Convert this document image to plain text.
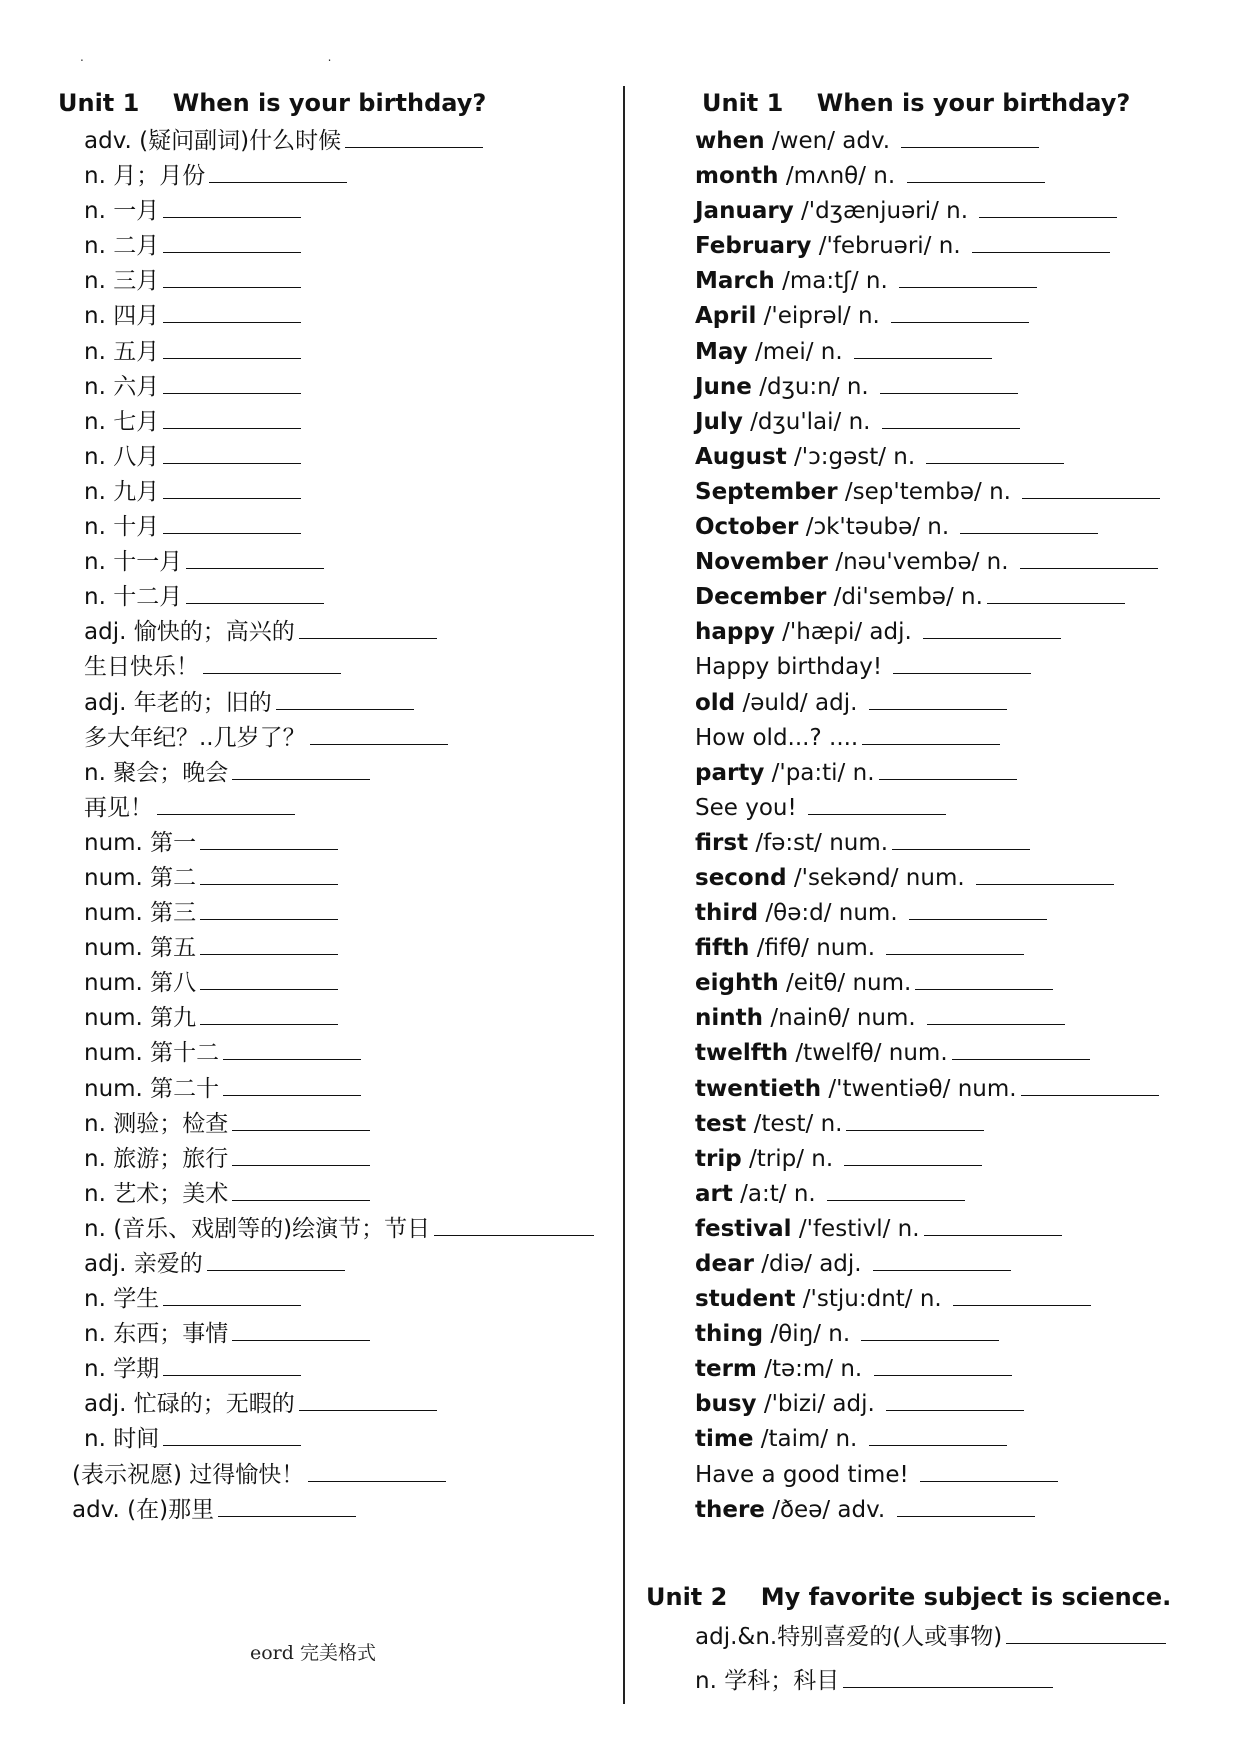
. .
Unit 1    When is your birthday?
adv. (疑问副词)什么时候
n. 月；月份
n. 一月
n. 二月
n. 三月
n. 四月
n. 五月
n. 六月
n. 七月
n. 八月
n. 九月
n. 十月
n. 十一月
n. 十二月
adj. 愉快的；高兴的
生日快乐！
adj. 年老的；旧的
多大年纪？..几岁了？
n. 聚会；晚会
再见！
num. 第一
num. 第二
num. 第三
num. 第五
num. 第八
num. 第九
num. 第十二
num. 第二十
n. 测验；检查
n. 旅游；旅行
n. 艺术；美术
n. (音乐、戏剧等的)绘演节；节日
adj. 亲爱的
n. 学生
n. 东西；事情
n. 学期
adj. 忙碌的；无暇的
n. 时间
(表示祝愿) 过得愉快！
adv. (在)那里
Unit 1    When is your birthday?
when /wen/ adv.
month /mʌnθ/ n.
January /'dʒænjuəri/ n.
February /'februəri/ n.
March /ma:tʃ/ n.
April /'eiprəl/ n.
May /mei/ n.
June /dʒu:n/ n.
July /dʒu'lai/ n.
August /'ɔ:gəst/ n.
September /sep'tembə/ n.
October /ɔk'təubə/ n.
November /nəu'vembə/ n.
December /di'sembə/ n.
happy /'hæpi/ adj.
Happy birthday!
old /əuld/ adj.
How old...? ....
party /'pa:ti/ n.
See you!
first /fə:st/ num.
second /'sekənd/ num.
third /θə:d/ num.
fifth /fifθ/ num.
eighth /eitθ/ num.
ninth /nainθ/ num.
twelfth /twelfθ/ num.
twentieth /'twentiəθ/ num.
test /test/ n.
trip /trip/ n.
art /a:t/ n.
festival /'festivl/ n.
dear /diə/ adj.
student /'stju:dnt/ n.
thing /θiŋ/ n.
term /tə:m/ n.
busy /'bizi/ adj.
time /taim/ n.
Have a good time!
there /ðeə/ adv.
Unit 2    My favorite subject is science.
adj.&n.特别喜爱的(人或事物)
n. 学科；科目
eord 完美格式
